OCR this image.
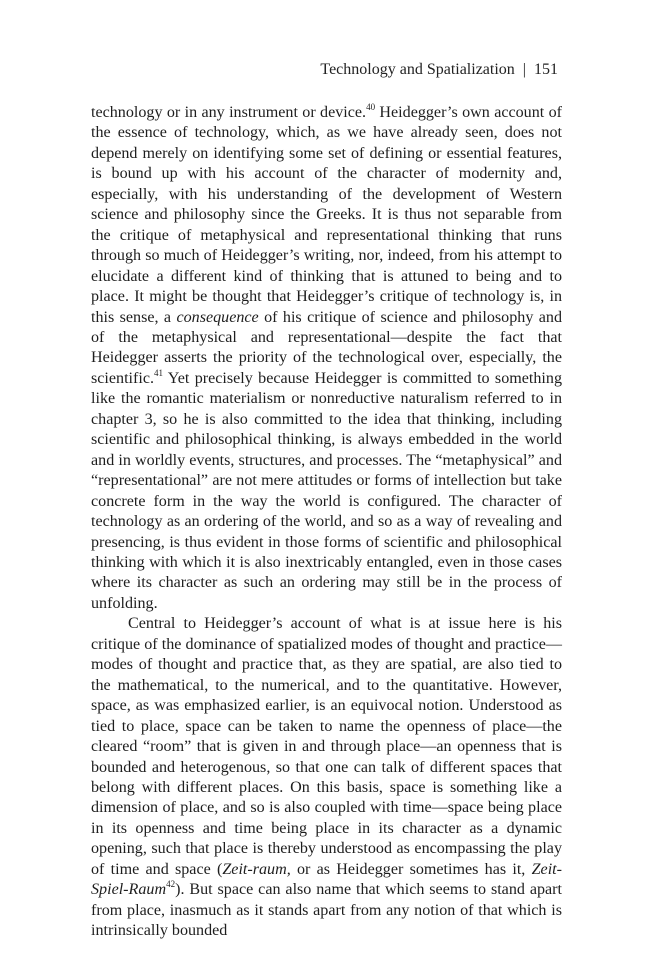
Technology and Spatialization | 151

technology or in any instrument or device.$^{40}$ Heidegger’s own account of the essence of technology, which, as we have already seen, does not depend merely on identifying some set of defining or essential features, is bound up with his account of the character of modernity and, especially, with his understanding of the development of Western science and philosophy since the Greeks. It is thus not separable from the critique of metaphysical and representational thinking that runs through so much of Heidegger’s writing, nor, indeed, from his attempt to elucidate a different kind of thinking that is attuned to being and to place. It might be thought that Heidegger’s critique of technology is, in this sense, a consequence of his critique of science and philosophy and of the metaphysical and representational—despite the fact that Heidegger asserts the priority of the technological over, especially, the scientific.$^{41}$ Yet precisely because Heidegger is committed to something like the romantic materialism or nonreductive naturalism referred to in chapter 3, so he is also committed to the idea that thinking, including scientific and philosophical thinking, is always embedded in the world and in worldly events, structures, and processes. The “metaphysical” and “representational” are not mere attitudes or forms of intellection but take concrete form in the way the world is configured. The character of technology as an ordering of the world, and so as a way of revealing and presencing, is thus evident in those forms of scientific and philosophical thinking with which it is also inextricably entangled, even in those cases where its character as such an ordering may still be in the process of unfolding.

Central to Heidegger’s account of what is at issue here is his critique of the dominance of spatialized modes of thought and practice—modes of thought and practice that, as they are spatial, are also tied to the mathematical, to the numerical, and to the quantitative. However, space, as was emphasized earlier, is an equivocal notion. Understood as tied to place, space can be taken to name the openness of place—the cleared “room” that is given in and through place—an openness that is bounded and heterogenous, so that one can talk of different spaces that belong with different places. On this basis, space is something like a dimension of place, and so is also coupled with time—space being place in its openness and time being place in its character as a dynamic opening, such that place is thereby understood as encompassing the play of time and space (Zeit-raum, or as Heidegger sometimes has it, Zeit-Spiel-Raum$^{42}$). But space can also name that which seems to stand apart from place, inasmuch as it stands apart from any notion of that which is intrinsically bounded
